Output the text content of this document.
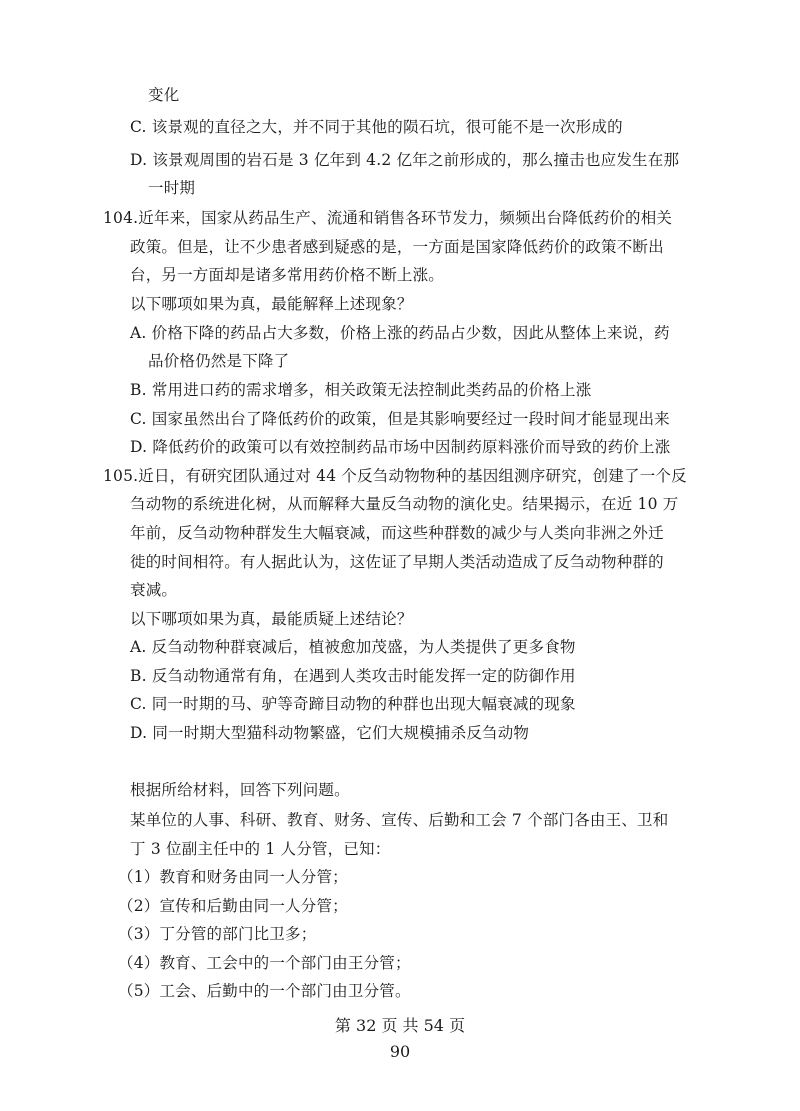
变化
C. 该景观的直径之大，并不同于其他的陨石坑，很可能不是一次形成的
D. 该景观周围的岩石是 3 亿年到 4.2 亿年之前形成的，那么撞击也应发生在那
一时期
104.近年来，国家从药品生产、流通和销售各环节发力，频频出台降低药价的相关
政策。但是，让不少患者感到疑惑的是，一方面是国家降低药价的政策不断出
台，另一方面却是诸多常用药价格不断上涨。
以下哪项如果为真，最能解释上述现象？
A. 价格下降的药品占大多数，价格上涨的药品占少数，因此从整体上来说，药
品价格仍然是下降了
B. 常用进口药的需求增多，相关政策无法控制此类药品的价格上涨
C. 国家虽然出台了降低药价的政策，但是其影响要经过一段时间才能显现出来
D. 降低药价的政策可以有效控制药品市场中因制药原料涨价而导致的药价上涨
105.近日，有研究团队通过对 44 个反刍动物物种的基因组测序研究，创建了一个反
刍动物的系统进化树，从而解释大量反刍动物的演化史。结果揭示，在近 10 万
年前，反刍动物种群发生大幅衰减，而这些种群数的减少与人类向非洲之外迁
徙的时间相符。有人据此认为，这佐证了早期人类活动造成了反刍动物种群的
衰减。
以下哪项如果为真，最能质疑上述结论？
A. 反刍动物种群衰减后，植被愈加茂盛，为人类提供了更多食物
B. 反刍动物通常有角，在遇到人类攻击时能发挥一定的防御作用
C. 同一时期的马、驴等奇蹄目动物的种群也出现大幅衰减的现象
D. 同一时期大型猫科动物繁盛，它们大规模捕杀反刍动物
根据所给材料，回答下列问题。
某单位的人事、科研、教育、财务、宣传、后勤和工会 7 个部门各由王、卫和
丁 3 位副主任中的 1 人分管，已知：
（1）教育和财务由同一人分管；
（2）宣传和后勤由同一人分管；
（3）丁分管的部门比卫多；
（4）教育、工会中的一个部门由王分管；
（5）工会、后勤中的一个部门由卫分管。
第 32 页 共 54 页
90
